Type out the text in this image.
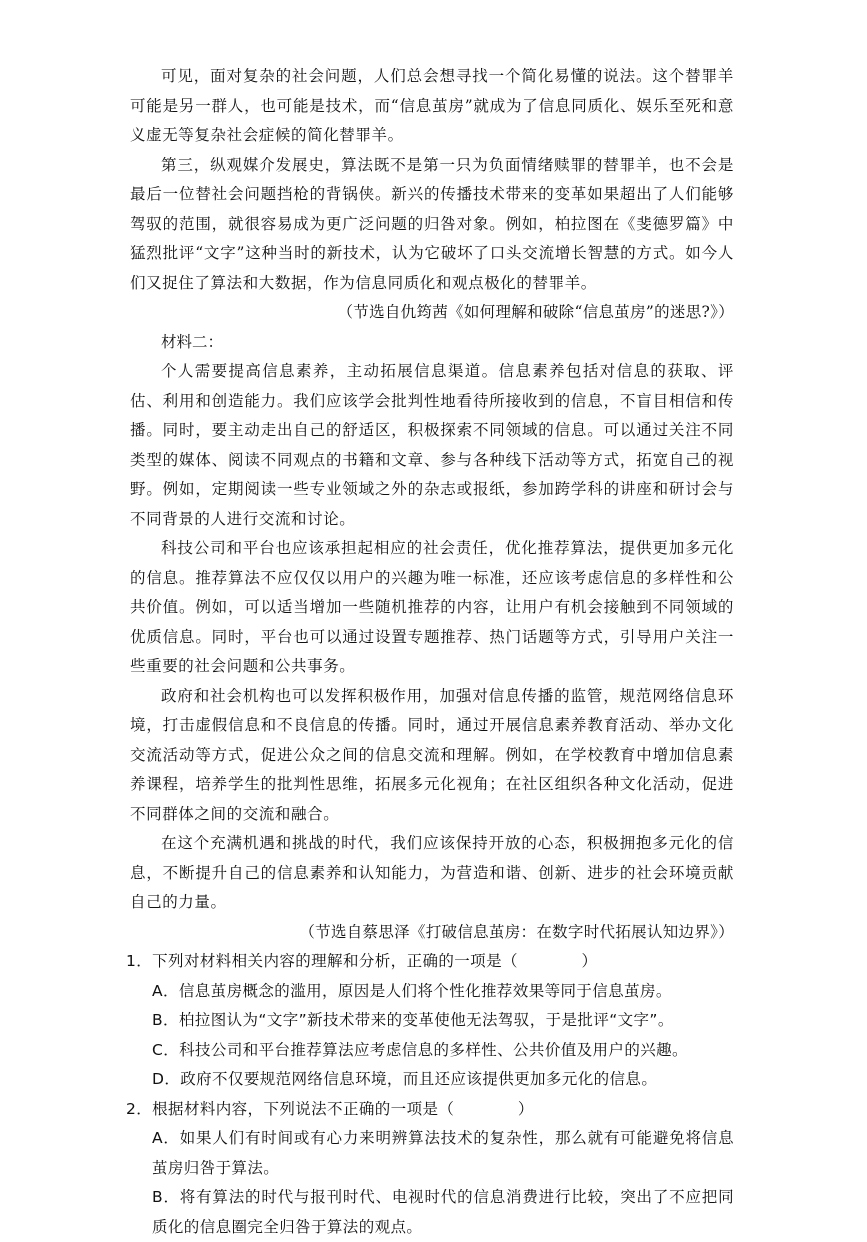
可见，面对复杂的社会问题，人们总会想寻找一个简化易懂的说法。这个替罪羊可能是另一群人，也可能是技术，而“信息茧房”就成为了信息同质化、娱乐至死和意义虚无等复杂社会症候的简化替罪羊。

第三，纵观媒介发展史，算法既不是第一只为负面情绪赎罪的替罪羊，也不会是最后一位替社会问题挡枪的背锅侠。新兴的传播技术带来的变革如果超出了人们能够驾驭的范围，就很容易成为更广泛问题的归咎对象。例如，柏拉图在《斐德罗篇》中猛烈批评“文字”这种当时的新技术，认为它破坏了口头交流增长智慧的方式。如今人们又捉住了算法和大数据，作为信息同质化和观点极化的替罪羊。

（节选自仇筠茜《如何理解和破除“信息茧房”的迷思?》）

材料二：

个人需要提高信息素养，主动拓展信息渠道。信息素养包括对信息的获取、评估、利用和创造能力。我们应该学会批判性地看待所接收到的信息，不盲目相信和传播。同时，要主动走出自己的舒适区，积极探索不同领域的信息。可以通过关注不同类型的媒体、阅读不同观点的书籍和文章、参与各种线下活动等方式，拓宽自己的视野。例如，定期阅读一些专业领域之外的杂志或报纸，参加跨学科的讲座和研讨会与不同背景的人进行交流和讨论。

科技公司和平台也应该承担起相应的社会责任，优化推荐算法，提供更加多元化的信息。推荐算法不应仅仅以用户的兴趣为唯一标准，还应该考虑信息的多样性和公共价值。例如，可以适当增加一些随机推荐的内容，让用户有机会接触到不同领域的优质信息。同时，平台也可以通过设置专题推荐、热门话题等方式，引导用户关注一些重要的社会问题和公共事务。

政府和社会机构也可以发挥积极作用，加强对信息传播的监管，规范网络信息环境，打击虚假信息和不良信息的传播。同时，通过开展信息素养教育活动、举办文化交流活动等方式，促进公众之间的信息交流和理解。例如，在学校教育中增加信息素养课程，培养学生的批判性思维，拓展多元化视角；在社区组织各种文化活动，促进不同群体之间的交流和融合。

在这个充满机遇和挑战的时代，我们应该保持开放的心态，积极拥抱多元化的信息，不断提升自己的信息素养和认知能力，为营造和谐、创新、进步的社会环境贡献自己的力量。

（节选自蔡思泽《打破信息茧房：在数字时代拓展认知边界》）

1．下列对材料相关内容的理解和分析，正确的一项是（　　　　）

A．信息茧房概念的滥用，原因是人们将个性化推荐效果等同于信息茧房。

B．柏拉图认为“文字”新技术带来的变革使他无法驾驭，于是批评“文字”。

C．科技公司和平台推荐算法应考虑信息的多样性、公共价值及用户的兴趣。

D．政府不仅要规范网络信息环境，而且还应该提供更加多元化的信息。

2．根据材料内容，下列说法不正确的一项是（　　　　）

A．如果人们有时间或有心力来明辨算法技术的复杂性，那么就有可能避免将信息茧房归咎于算法。

B．将有算法的时代与报刊时代、电视时代的信息消费进行比较，突出了不应把同质化的信息圈完全归咎于算法的观点。
